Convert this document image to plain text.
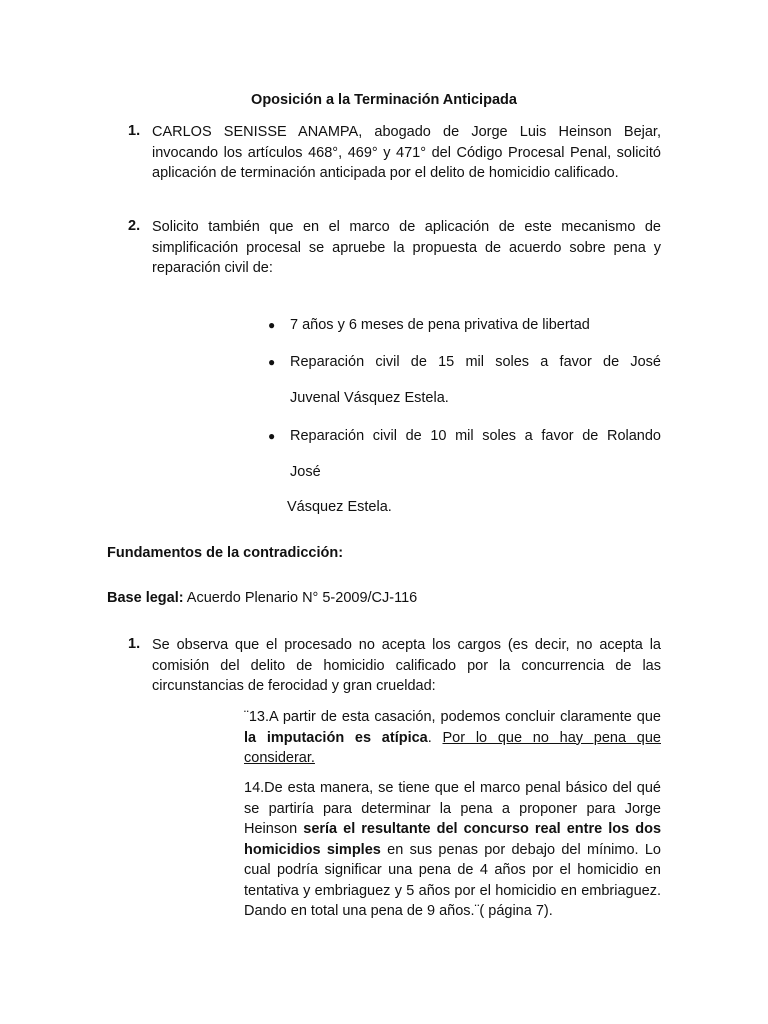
Oposición a la Terminación Anticipada
1. CARLOS SENISSE ANAMPA, abogado de Jorge Luis Heinson Bejar, invocando los artículos 468°, 469° y 471° del Código Procesal Penal, solicitó aplicación de terminación anticipada por el delito de homicidio calificado.
2. Solicito también que en el marco de aplicación de este mecanismo de simplificación procesal se apruebe la propuesta de acuerdo sobre pena y reparación civil de:
● 7 años y 6 meses de pena privativa de libertad
● Reparación civil de 15 mil soles a favor de José
Juvenal Vásquez Estela.
● Reparación civil de 10 mil soles a favor de Rolando
José
Vásquez Estela.
Fundamentos de la contradicción:
Base legal: Acuerdo Plenario N° 5-2009/CJ-116
1. Se observa que el procesado no acepta los cargos (es decir, no acepta la comisión del delito de homicidio calificado por la concurrencia de las circunstancias de ferocidad y gran crueldad:
¨13.A partir de esta casación, podemos concluir claramente que la imputación es atípica. Por lo que no hay pena que considerar.
14.De esta manera, se tiene que el marco penal básico del qué se partiría para determinar la pena a proponer para Jorge Heinson sería el resultante del concurso real entre los dos homicidios simples en sus penas por debajo del mínimo. Lo cual podría significar una pena de 4 años por el homicidio en tentativa y embriaguez y 5 años por el homicidio en embriaguez. Dando en total una pena de 9 años.¨( página 7).
